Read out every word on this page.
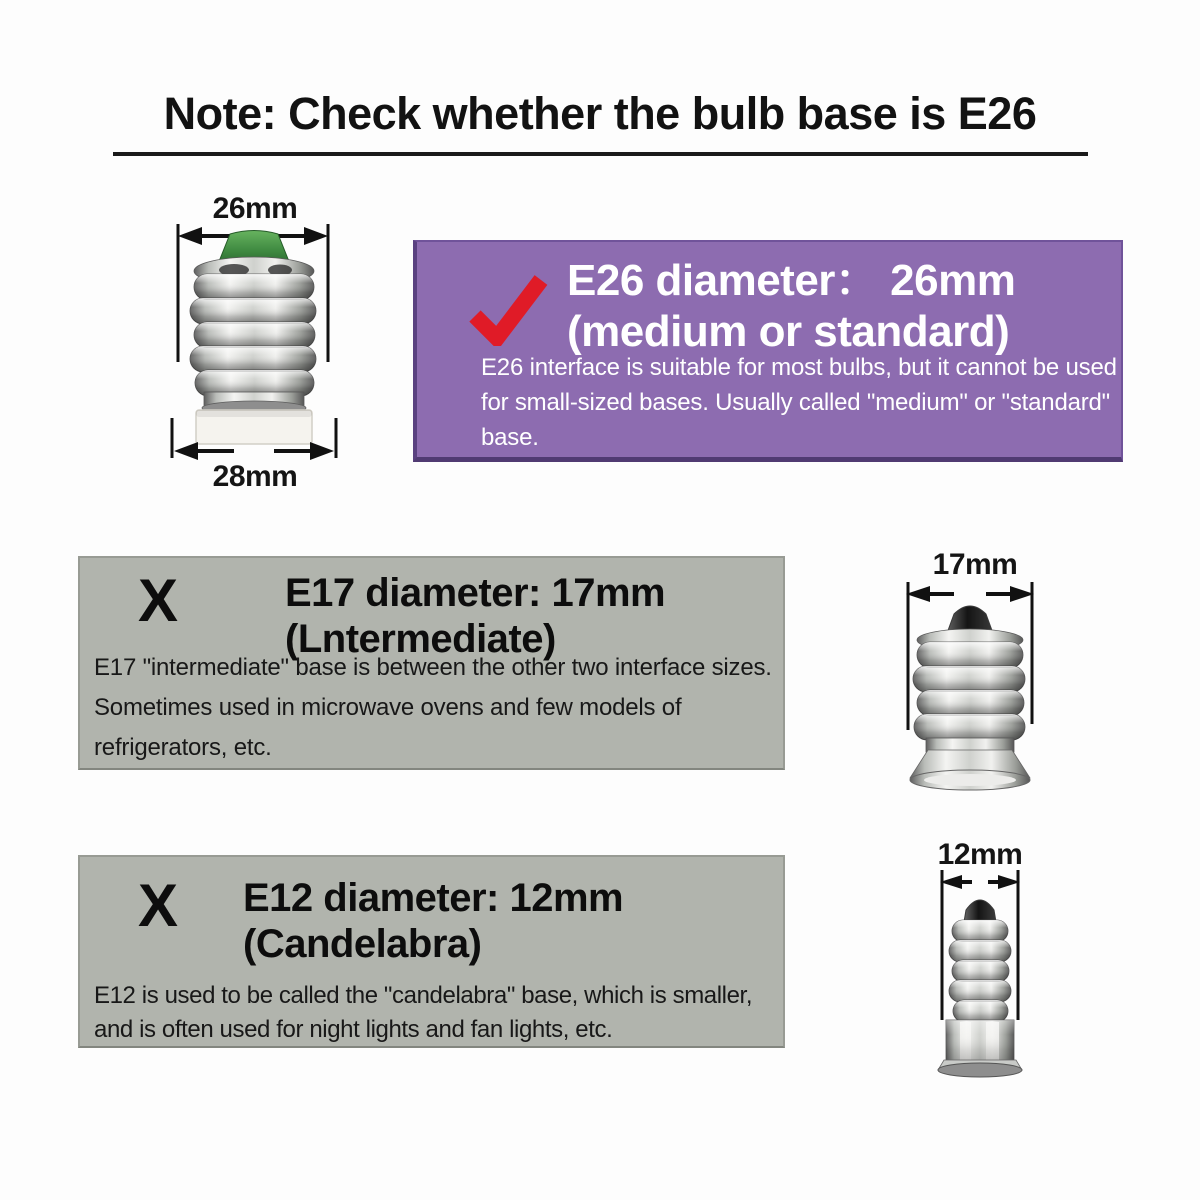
Note: Check whether the bulb base is E26
26mm
28mm
E26 diameter： 26mm
(medium or standard)

E26 interface is suitable for most bulbs, but it cannot be used for small-sized bases. Usually called "medium" or "standard" base.

X	E17 diameter: 17mm
(Lntermediate)

E17 "intermediate" base is between the other two interface sizes. Sometimes used in microwave ovens and few models of refrigerators, etc.

17mm
X E12 diameter: 12mm
(Candelabra)

E12 is used to be called the "candelabra" base, which is smaller, and is often used for night lights and fan lights, etc.

12mm
